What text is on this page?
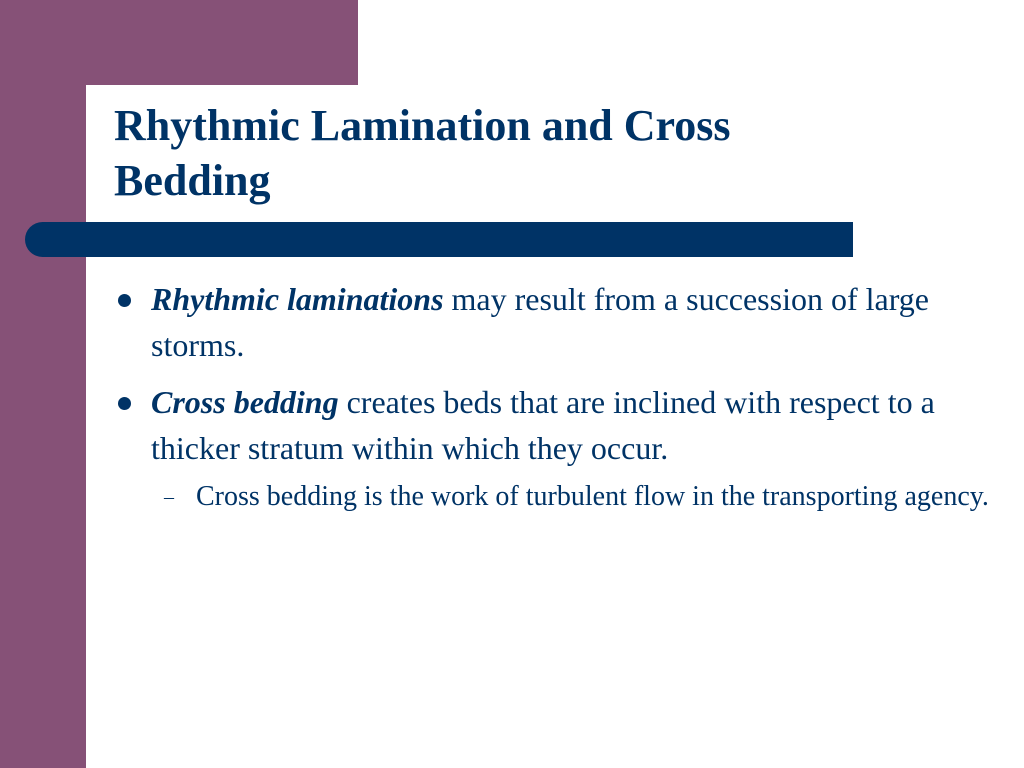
Rhythmic Lamination and Cross Bedding
Rhythmic laminations may result from a succession of large storms.
Cross bedding creates beds that are inclined with respect to a thicker stratum within which they occur.
– Cross bedding is the work of turbulent flow in the transporting agency.
